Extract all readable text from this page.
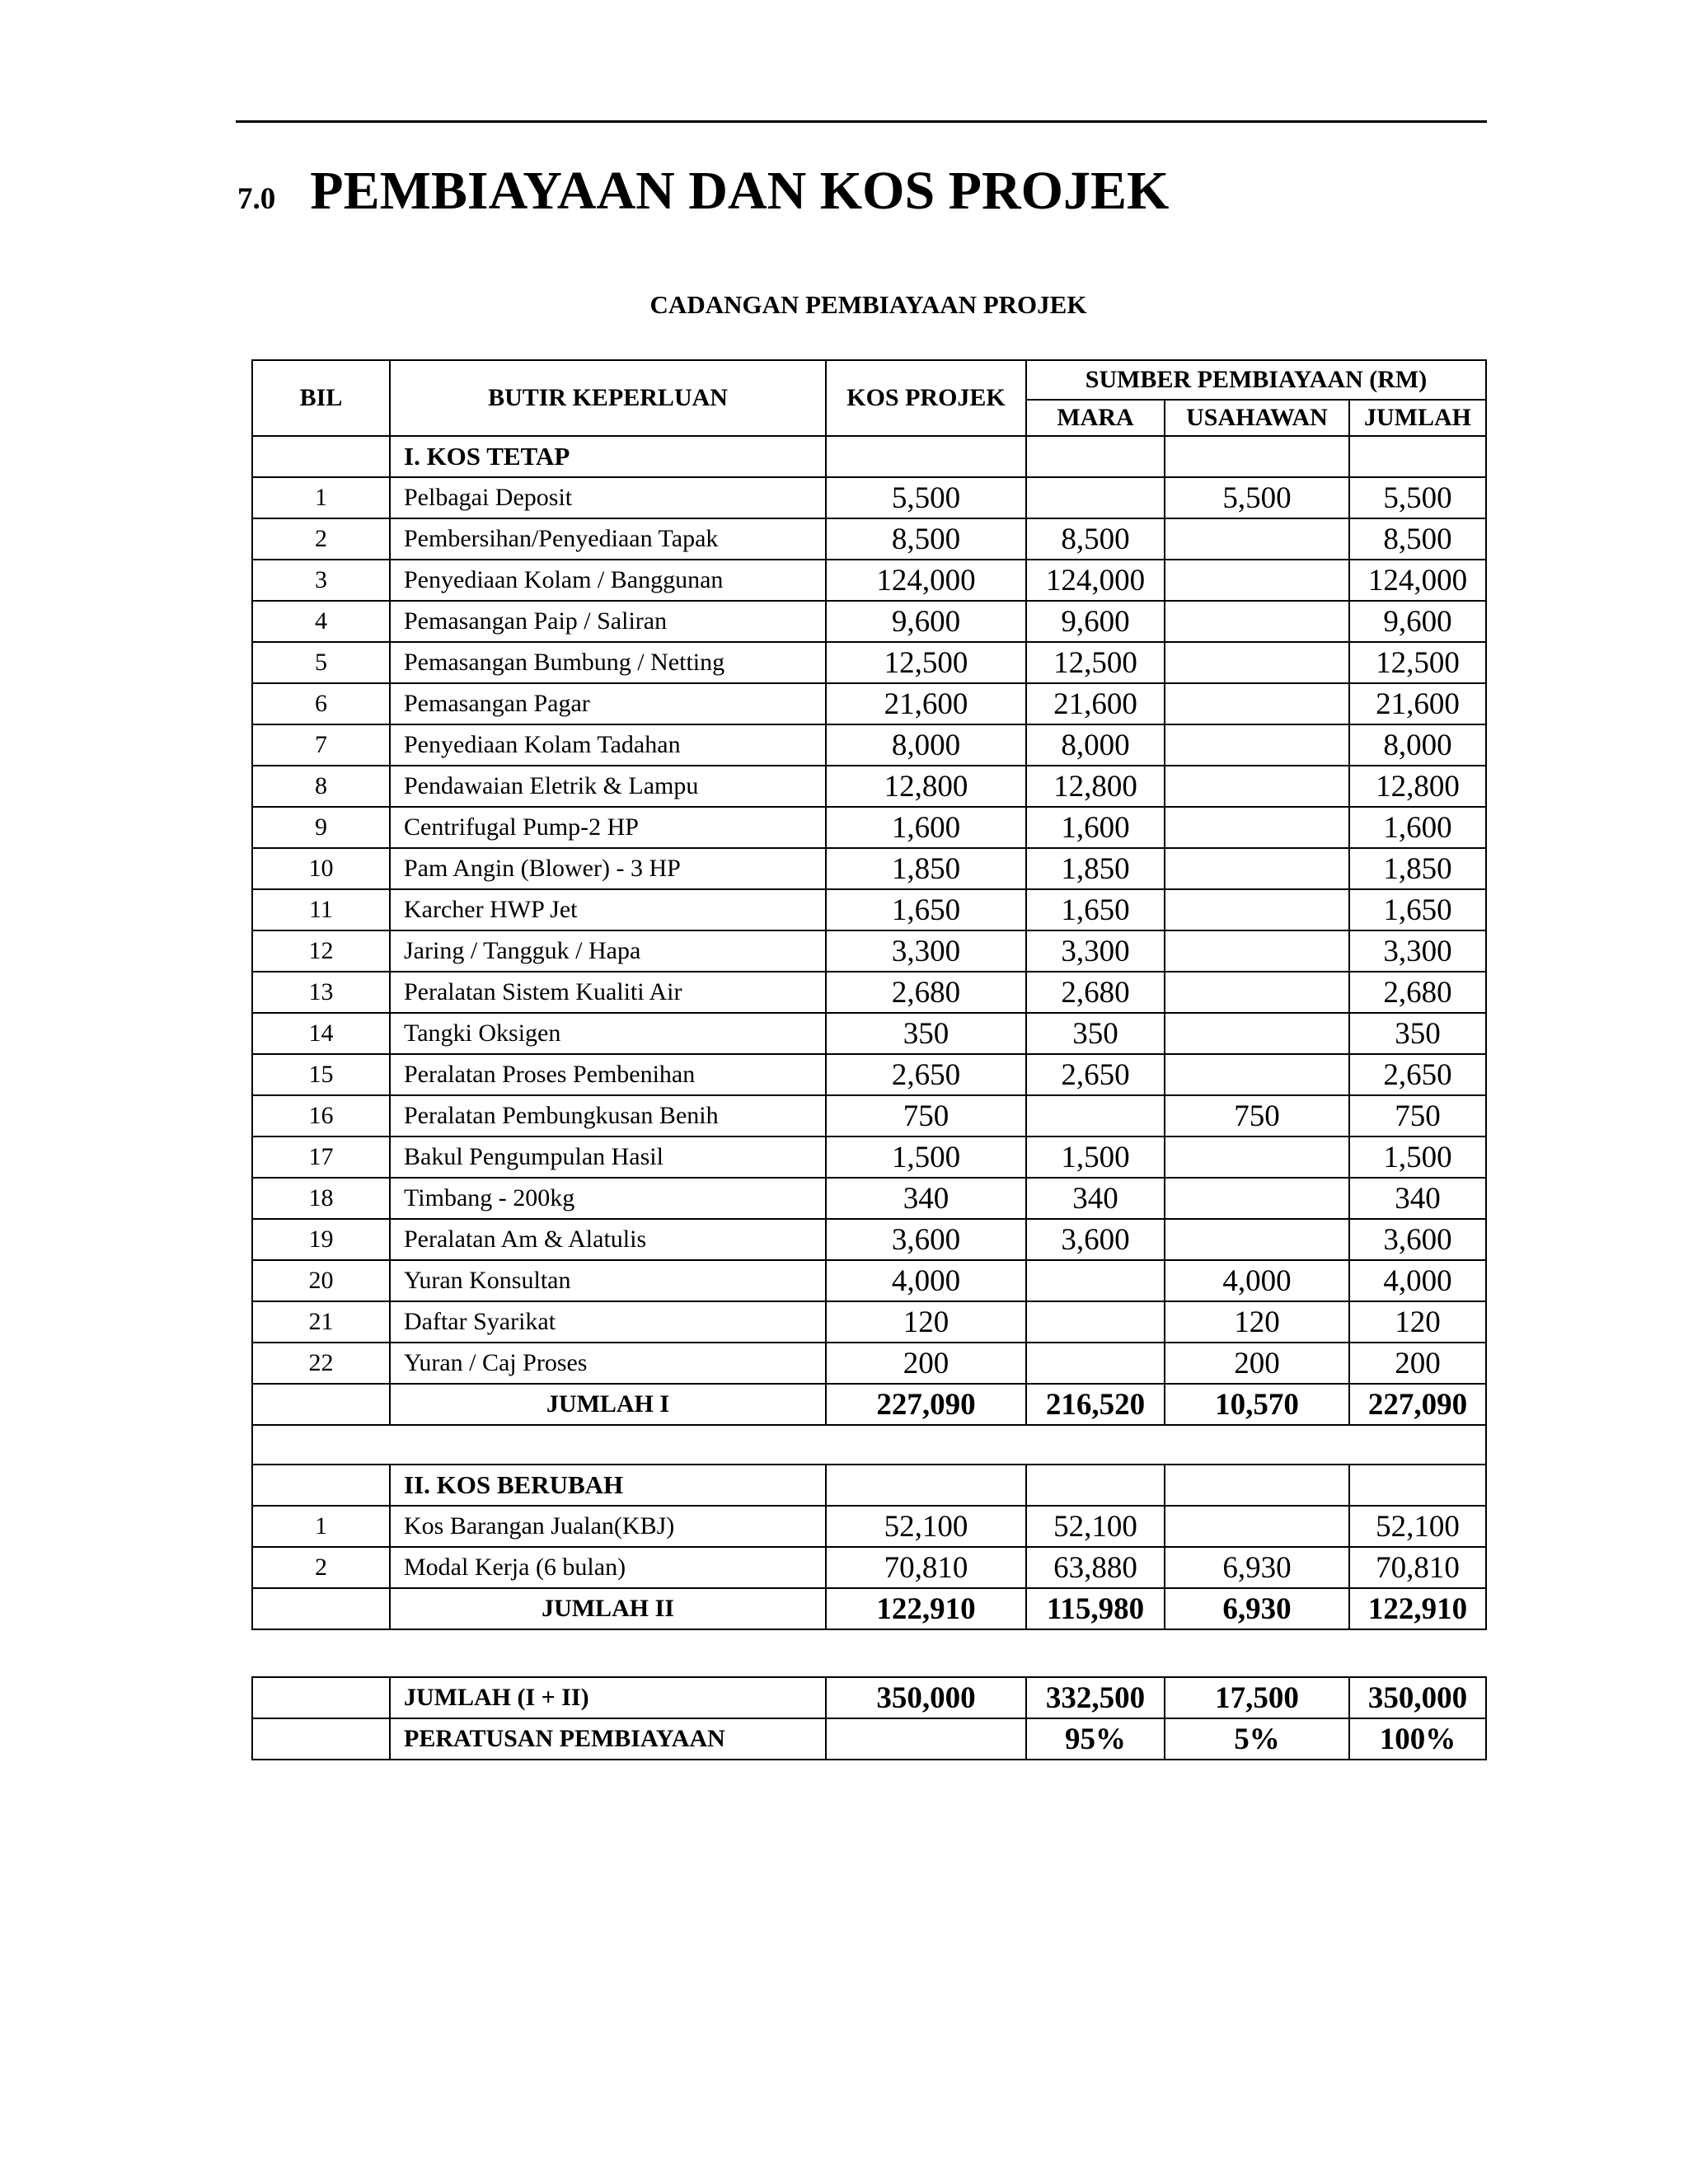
7.0 PEMBIAYAAN DAN KOS PROJEK
CADANGAN PEMBIAYAAN PROJEK
BIL	BUTIR KEPERLUAN	KOS PROJEK	SUMBER PEMBIAYAAN (RM)		
			MARA	USAHAWAN	JUMLAH
	I. KOS TETAP				
1	Pelbagai Deposit	5,500		5,500	5,500
2	Pembersihan/Penyediaan Tapak	8,500	8,500		8,500
3	Penyediaan Kolam / Banggunan	124,000	124,000		124,000
4	Pemasangan Paip / Saliran	9,600	9,600		9,600
5	Pemasangan Bumbung / Netting	12,500	12,500		12,500
6	Pemasangan Pagar	21,600	21,600		21,600
7	Penyediaan Kolam Tadahan	8,000	8,000		8,000
8	Pendawaian Eletrik & Lampu	12,800	12,800		12,800
9	Centrifugal Pump-2 HP	1,600	1,600		1,600
10	Pam Angin (Blower) - 3 HP	1,850	1,850		1,850
11	Karcher HWP Jet	1,650	1,650		1,650
12	Jaring / Tangguk / Hapa	3,300	3,300		3,300
13	Peralatan Sistem Kualiti Air	2,680	2,680		2,680
14	Tangki Oksigen	350	350		350
15	Peralatan Proses Pembenihan	2,650	2,650		2,650
16	Peralatan Pembungkusan Benih	750		750	750
17	Bakul Pengumpulan Hasil	1,500	1,500		1,500
18	Timbang - 200kg	340	340		340
19	Peralatan Am & Alatulis	3,600	3,600		3,600
20	Yuran Konsultan	4,000		4,000	4,000
21	Daftar Syarikat	120		120	120
22	Yuran / Caj Proses	200		200	200
	JUMLAH I	227,090	216,520	10,570	227,090

	II. KOS BERUBAH				
1	Kos Barangan Jualan(KBJ)	52,100	52,100		52,100
2	Modal Kerja (6 bulan)	70,810	63,880	6,930	70,810
	JUMLAH II	122,910	115,980	6,930	122,910
	JUMLAH (I + II)	350,000	332,500	17,500	350,000
	PERATUSAN PEMBIAYAAN		95%	5%	100%
